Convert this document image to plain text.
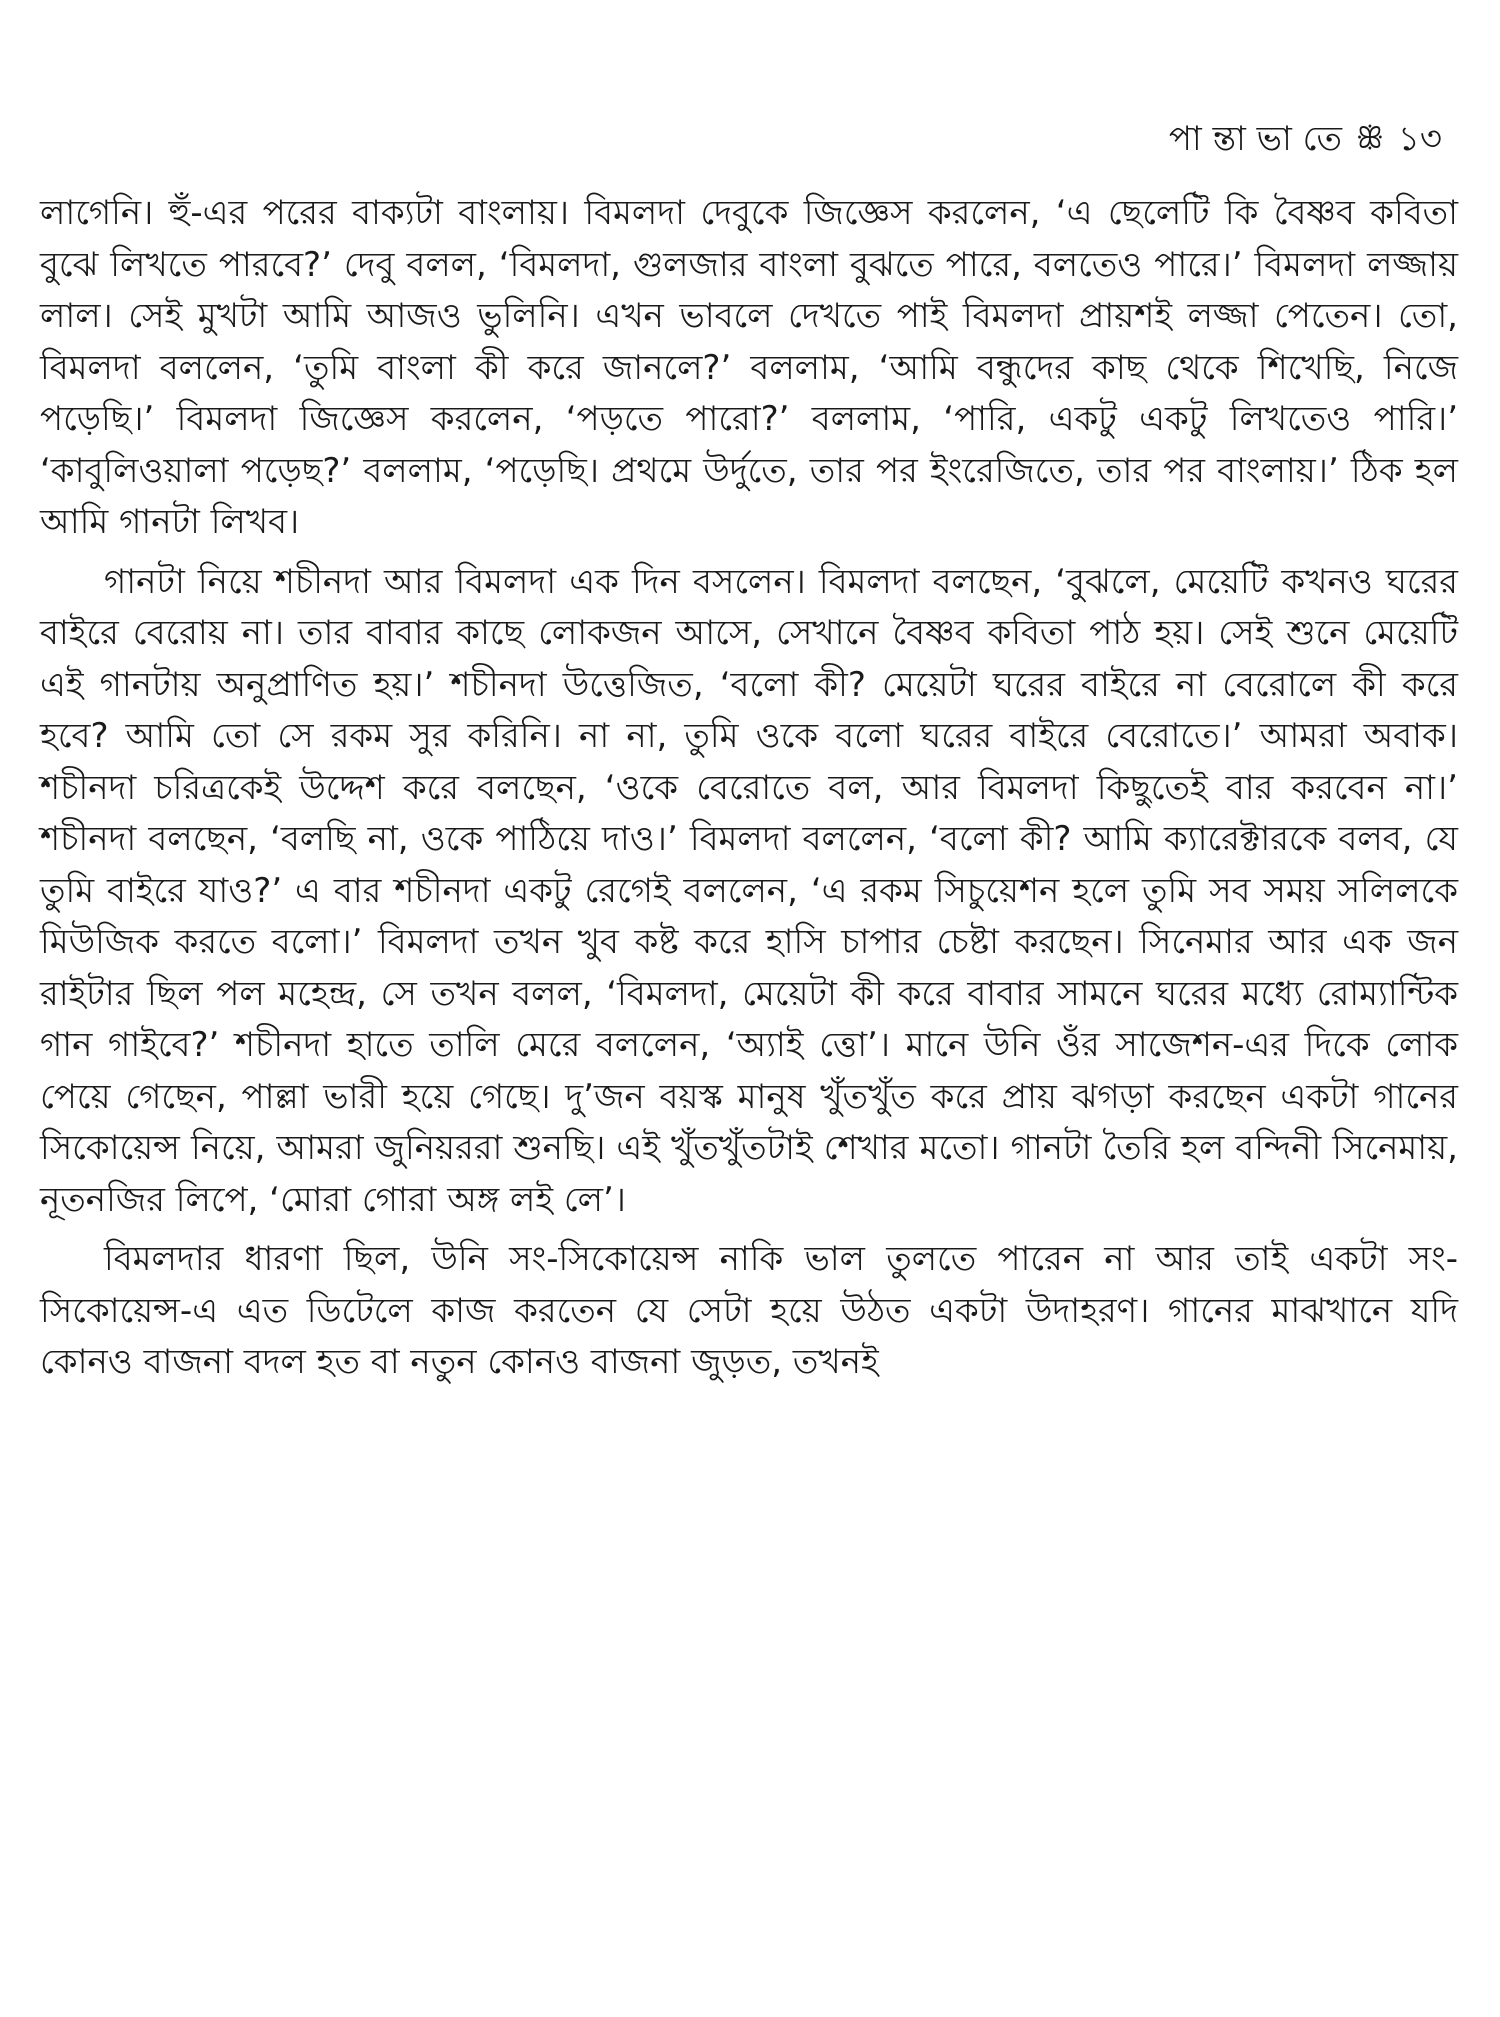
পা ন্তা ভা তে ꕥ ১৩

লাগেনি। হুঁ-এর পরের বাক্যটা বাংলায়। বিমলদা দেবুকে জিজ্ঞেস করলেন, ‘এ ছেলেটি কি বৈষ্ণব কবিতা বুঝে লিখতে পারবে?’ দেবু বলল, ‘বিমলদা, গুলজার বাংলা বুঝতে পারে, বলতেও পারে।’ বিমলদা লজ্জায় লাল। সেই মুখটা আমি আজও ভুলিনি। এখন ভাবলে দেখতে পাই বিমলদা প্রায়শই লজ্জা পেতেন। তো, বিমলদা বললেন, ‘তুমি বাংলা কী করে জানলে?’ বললাম, ‘আমি বন্ধুদের কাছ থেকে শিখেছি, নিজে পড়েছি।’ বিমলদা জিজ্ঞেস করলেন, ‘পড়তে পারো?’ বললাম, ‘পারি, একটু একটু লিখতেও পারি।’ ‘কাবুলিওয়ালা পড়েছ?’ বললাম, ‘পড়েছি। প্রথমে উর্দুতে, তার পর ইংরেজিতে, তার পর বাংলায়।’ ঠিক হল আমি গানটা লিখব।

গানটা নিয়ে শচীনদা আর বিমলদা এক দিন বসলেন। বিমলদা বলছেন, ‘বুঝলে, মেয়েটি কখনও ঘরের বাইরে বেরোয় না। তার বাবার কাছে লোকজন আসে, সেখানে বৈষ্ণব কবিতা পাঠ হয়। সেই শুনে মেয়েটি এই গানটায় অনুপ্রাণিত হয়।’ শচীনদা উত্তেজিত, ‘বলো কী? মেয়েটা ঘরের বাইরে না বেরোলে কী করে হবে? আমি তো সে রকম সুর করিনি। না না, তুমি ওকে বলো ঘরের বাইরে বেরোতে।’ আমরা অবাক। শচীনদা চরিত্রকেই উদ্দেশ করে বলছেন, ‘ওকে বেরোতে বল, আর বিমলদা কিছুতেই বার করবেন না।’ শচীনদা বলছেন, ‘বলছি না, ওকে পাঠিয়ে দাও।’ বিমলদা বললেন, ‘বলো কী? আমি ক্যারেক্টারকে বলব, যে তুমি বাইরে যাও?’ এ বার শচীনদা একটু রেগেই বললেন, ‘এ রকম সিচুয়েশন হলে তুমি সব সময় সলিলকে মিউজিক করতে বলো।’ বিমলদা তখন খুব কষ্ট করে হাসি চাপার চেষ্টা করছেন। সিনেমার আর এক জন রাইটার ছিল পল মহেন্দ্র, সে তখন বলল, ‘বিমলদা, মেয়েটা কী করে বাবার সামনে ঘরের মধ্যে রোম্যান্টিক গান গাইবে?’ শচীনদা হাতে তালি মেরে বললেন, ‘অ্যাই ত্তো’। মানে উনি ওঁর সাজেশন-এর দিকে লোক পেয়ে গেছেন, পাল্লা ভারী হয়ে গেছে। দু’জন বয়স্ক মানুষ খুঁতখুঁত করে প্রায় ঝগড়া করছেন একটা গানের সিকোয়েন্স নিয়ে, আমরা জুনিয়ররা শুনছি। এই খুঁতখুঁতটাই শেখার মতো। গানটা তৈরি হল বন্দিনী সিনেমায়, নূতনজির লিপে, ‘মোরা গোরা অঙ্গ লই লে’।

বিমলদার ধারণা ছিল, উনি সং-সিকোয়েন্স নাকি ভাল তুলতে পারেন না আর তাই একটা সং-সিকোয়েন্স-এ এত ডিটেলে কাজ করতেন যে সেটা হয়ে উঠত একটা উদাহরণ। গানের মাঝখানে যদি কোনও বাজনা বদল হত বা নতুন কোনও বাজনা জুড়ত, তখনই
